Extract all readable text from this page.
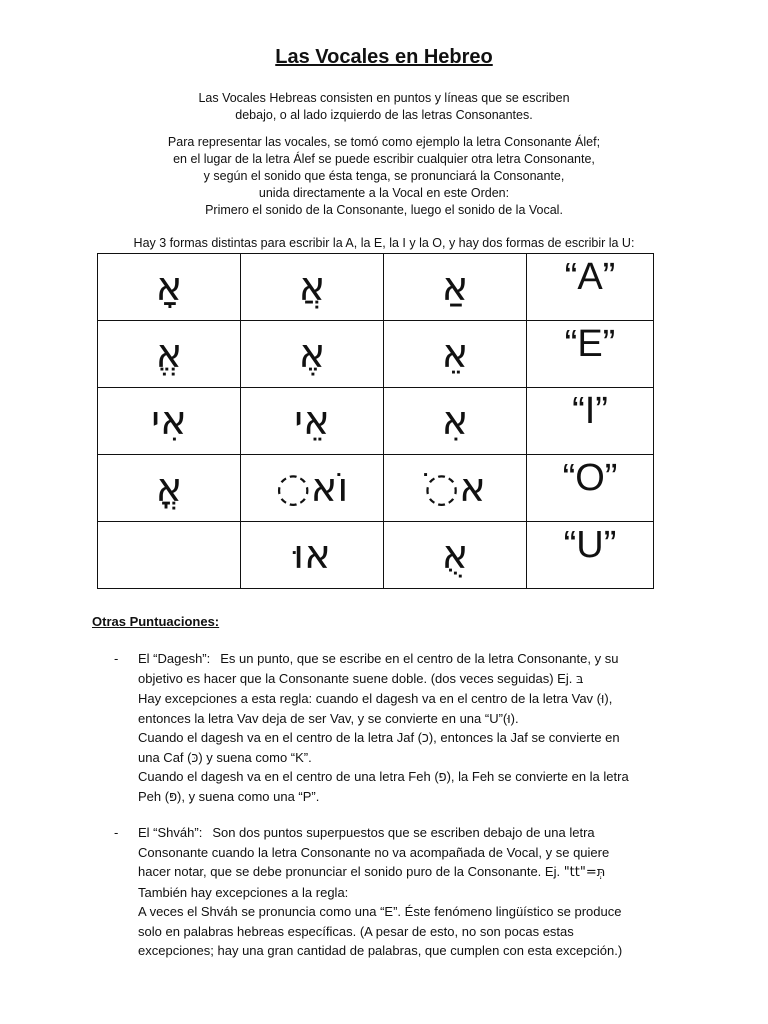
Las Vocales en Hebreo

Las Vocales Hebreas consisten en puntos y líneas que se escriben

debajo, o al lado izquierdo de las letras Consonantes.

Para representar las vocales, se tomó como ejemplo la letra Consonante Álef;

en el lugar de la letra Álef se puede escribir cualquier otra letra Consonante,

y según el sonido que ésta tenga, se pronunciará la Consonante,

unida directamente a la Vocal en este Orden:

Primero el sonido de la Consonante, luego el sonido de la Vocal.

Hay 3 formas distintas para escribir la A, la E, la I y la O, y hay dos formas de escribir la U:
אָ	אֲ	אַ	“A”
אֱ	אֶ	אֵ	“E”
אִי	אֵי	אִ	“I”
אֳ	◌וֹא	◌ֹא	“O”
	אוּ	אֻ	“U”
Otras Puntuaciones:
- El “Dagesh”: Es un punto, que se escribe en el centro de la letra Consonante, y su
objetivo es hacer que la Consonante suene doble. (dos veces seguidas) Ej. בּ
Hay excepciones a esta regla: cuando el dagesh va en el centro de la letra Vav (וּ),
entonces la letra Vav deja de ser Vav, y se convierte en una “U”(וּ).
Cuando el dagesh va en el centro de la letra Jaf (כ), entonces la Jaf se convierte en
una Caf (כּ) y suena como “K”.
Cuando el dagesh va en el centro de una letra Feh (פ), la Feh se convierte en la letra
Peh (פּ), y suena como una “P”.
- El “Shváh”: Son dos puntos superpuestos que se escriben debajo de una letra
Consonante cuando la letra Consonante no va acompañada de Vocal, y se quiere
hacer notar, que se debe pronunciar el sonido puro de la Consonante. Ej. "tt"=תְּ
También hay excepciones a la regla:
A veces el Shváh se pronuncia como una “E”. Éste fenómeno lingüístico se produce
solo en palabras hebreas específicas. (A pesar de esto, no son pocas estas
excepciones; hay una gran cantidad de palabras, que cumplen con esta excepción.)
